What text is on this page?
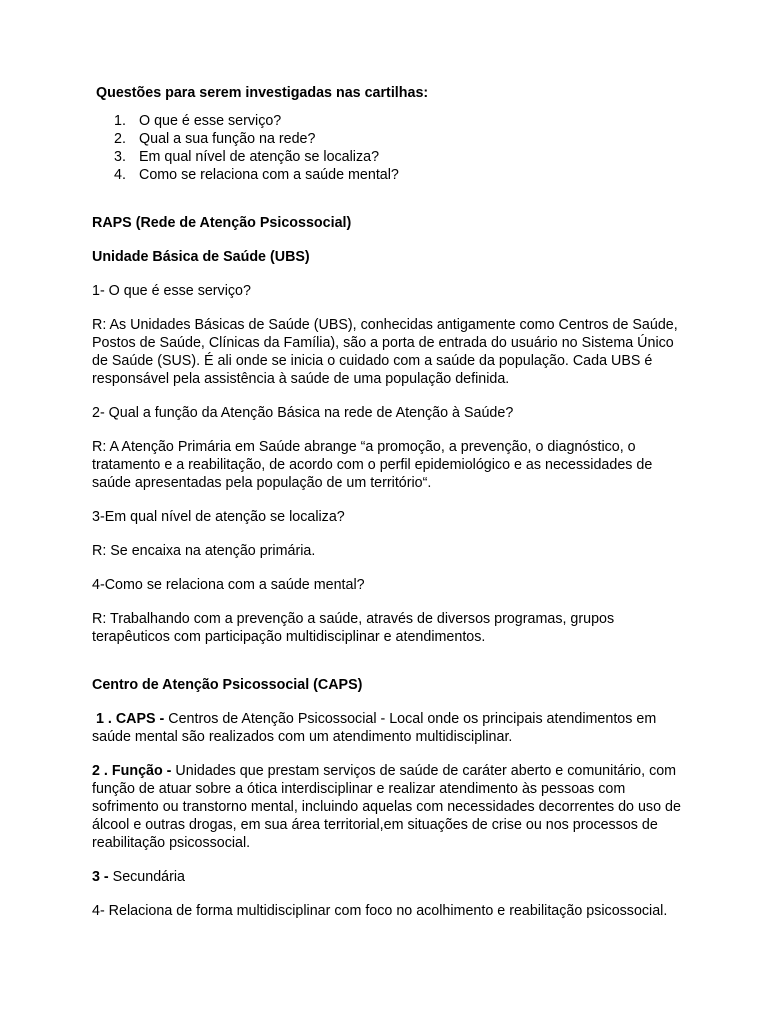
Questões para serem investigadas nas cartilhas:

1. O que é esse serviço?
2. Qual a sua função na rede?
3. Em qual nível de atenção se localiza?
4. Como se relaciona com a saúde mental?

RAPS (Rede de Atenção Psicossocial)

Unidade Básica de Saúde (UBS)

1- O que é esse serviço?

R: As Unidades Básicas de Saúde (UBS), conhecidas antigamente como Centros de Saúde, Postos de Saúde, Clínicas da Família), são a porta de entrada do usuário no Sistema Único de Saúde (SUS). É ali onde se inicia o cuidado com a saúde da população. Cada UBS é responsável pela assistência à saúde de uma população definida.

2- Qual a função da Atenção Básica na rede de Atenção à Saúde?

R: A Atenção Primária em Saúde abrange “a promoção, a prevenção, o diagnóstico, o tratamento e a reabilitação, de acordo com o perfil epidemiológico e as necessidades de saúde apresentadas pela população de um território“.

3-Em qual nível de atenção se localiza?

R: Se encaixa na atenção primária.

4-Como se relaciona com a saúde mental?

R: Trabalhando com a prevenção a saúde, através de diversos programas, grupos terapêuticos com participação multidisciplinar e atendimentos.

Centro de Atenção Psicossocial (CAPS)

1 . CAPS - Centros de Atenção Psicossocial - Local onde os principais atendimentos em saúde mental são realizados com um atendimento multidisciplinar.

2 . Função - Unidades que prestam serviços de saúde de caráter aberto e comunitário, com função de atuar sobre a ótica interdisciplinar e realizar atendimento às pessoas com sofrimento ou transtorno mental, incluindo aquelas com necessidades decorrentes do uso de álcool e outras drogas, em sua área territorial,em situações de crise ou nos processos de reabilitação psicossocial.

3 - Secundária

4- Relaciona de forma multidisciplinar com foco no acolhimento e reabilitação psicossocial.
